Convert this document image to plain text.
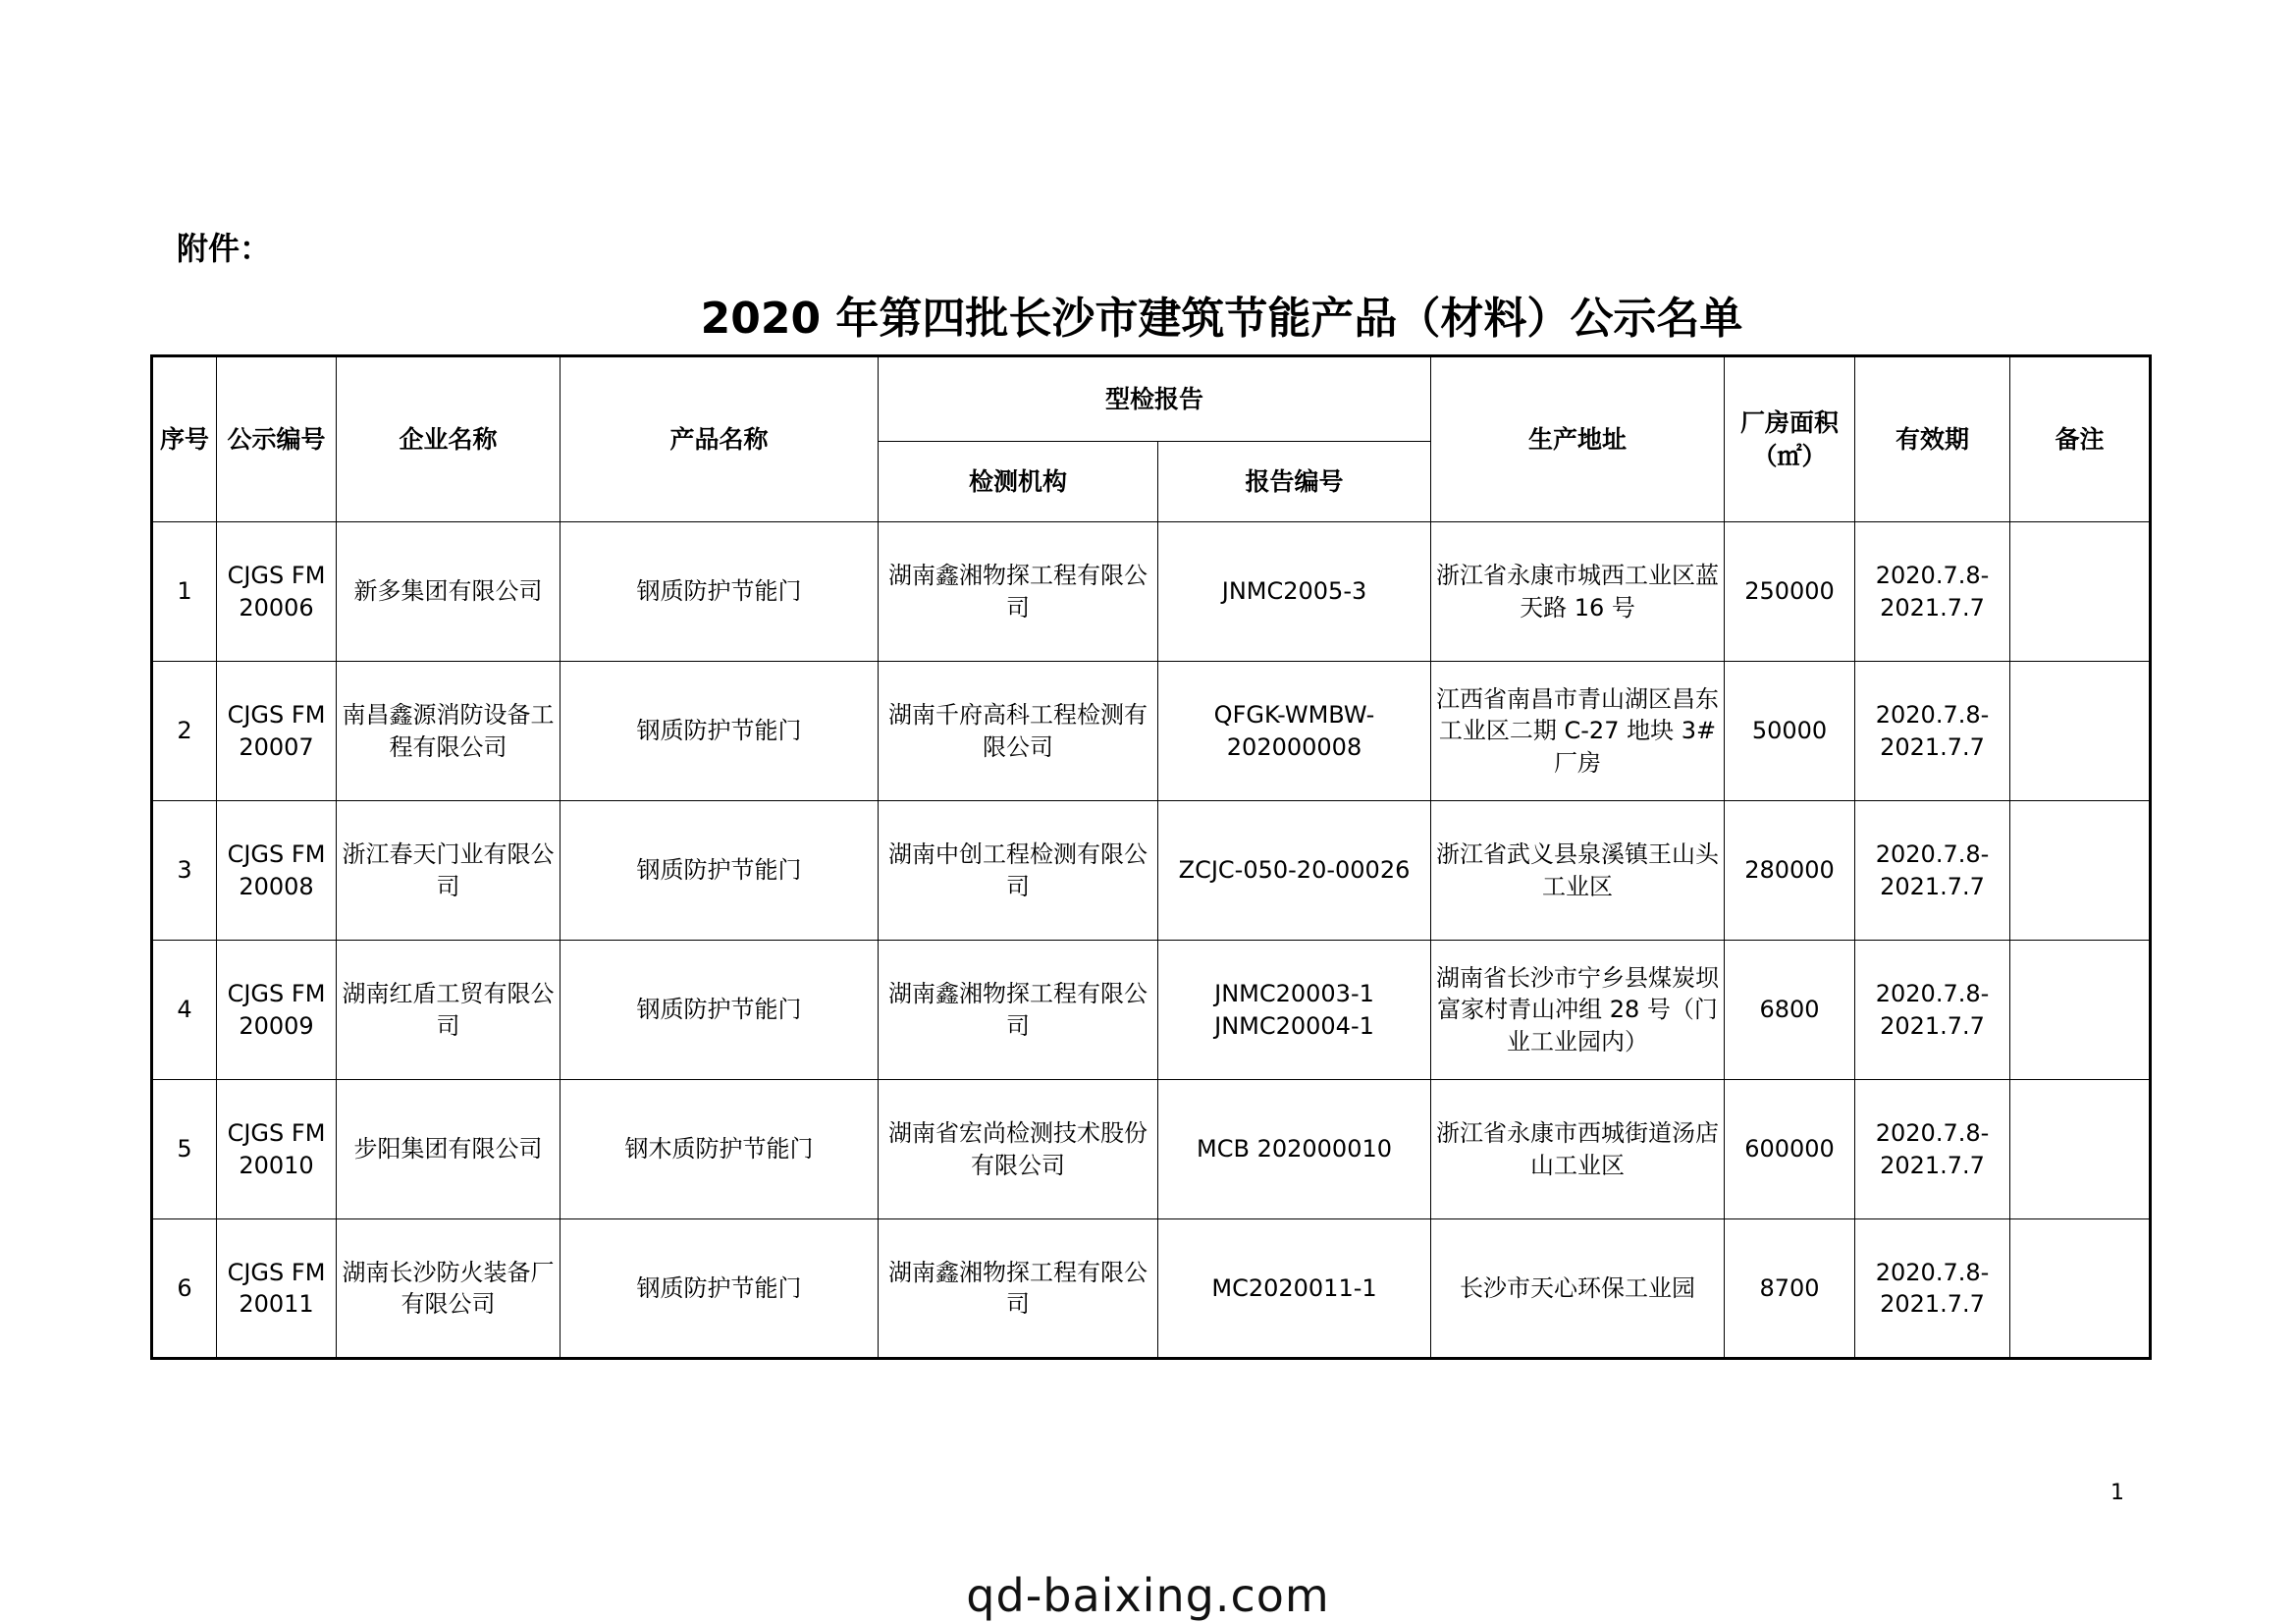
附件：
2020 年第四批长沙市建筑节能产品（材料）公示名单
序号	公示编号	企业名称	产品名称	型检报告		生产地址	厂房面积（㎡）	有效期	备注
				检测机构	报告编号				
1	CJGS FM 20006	新多集团有限公司	钢质防护节能门	湖南鑫湘物探工程有限公司	JNMC2005-3	浙江省永康市城西工业区蓝天路 16 号	250000	2020.7.8-2021.7.7	
2	CJGS FM 20007	南昌鑫源消防设备工程有限公司	钢质防护节能门	湖南千府高科工程检测有限公司	QFGK-WMBW-202000008	江西省南昌市青山湖区昌东工业区二期 C-27 地块 3#厂房	50000	2020.7.8-2021.7.7	
3	CJGS FM 20008	浙江春天门业有限公司	钢质防护节能门	湖南中创工程检测有限公司	ZCJC-050-20-00026	浙江省武义县泉溪镇王山头工业区	280000	2020.7.8-2021.7.7	
4	CJGS FM 20009	湖南红盾工贸有限公司	钢质防护节能门	湖南鑫湘物探工程有限公司	JNMC20003-1 JNMC20004-1	湖南省长沙市宁乡县煤炭坝富家村青山冲组 28 号（门业工业园内）	6800	2020.7.8-2021.7.7	
5	CJGS FM 20010	步阳集团有限公司	钢木质防护节能门	湖南省宏尚检测技术股份有限公司	MCB 202000010	浙江省永康市西城街道汤店山工业区	600000	2020.7.8-2021.7.7	
6	CJGS FM 20011	湖南长沙防火装备厂有限公司	钢质防护节能门	湖南鑫湘物探工程有限公司	MC2020011-1	长沙市天心环保工业园	8700	2020.7.8-2021.7.7	
1
qd-baixing.com
